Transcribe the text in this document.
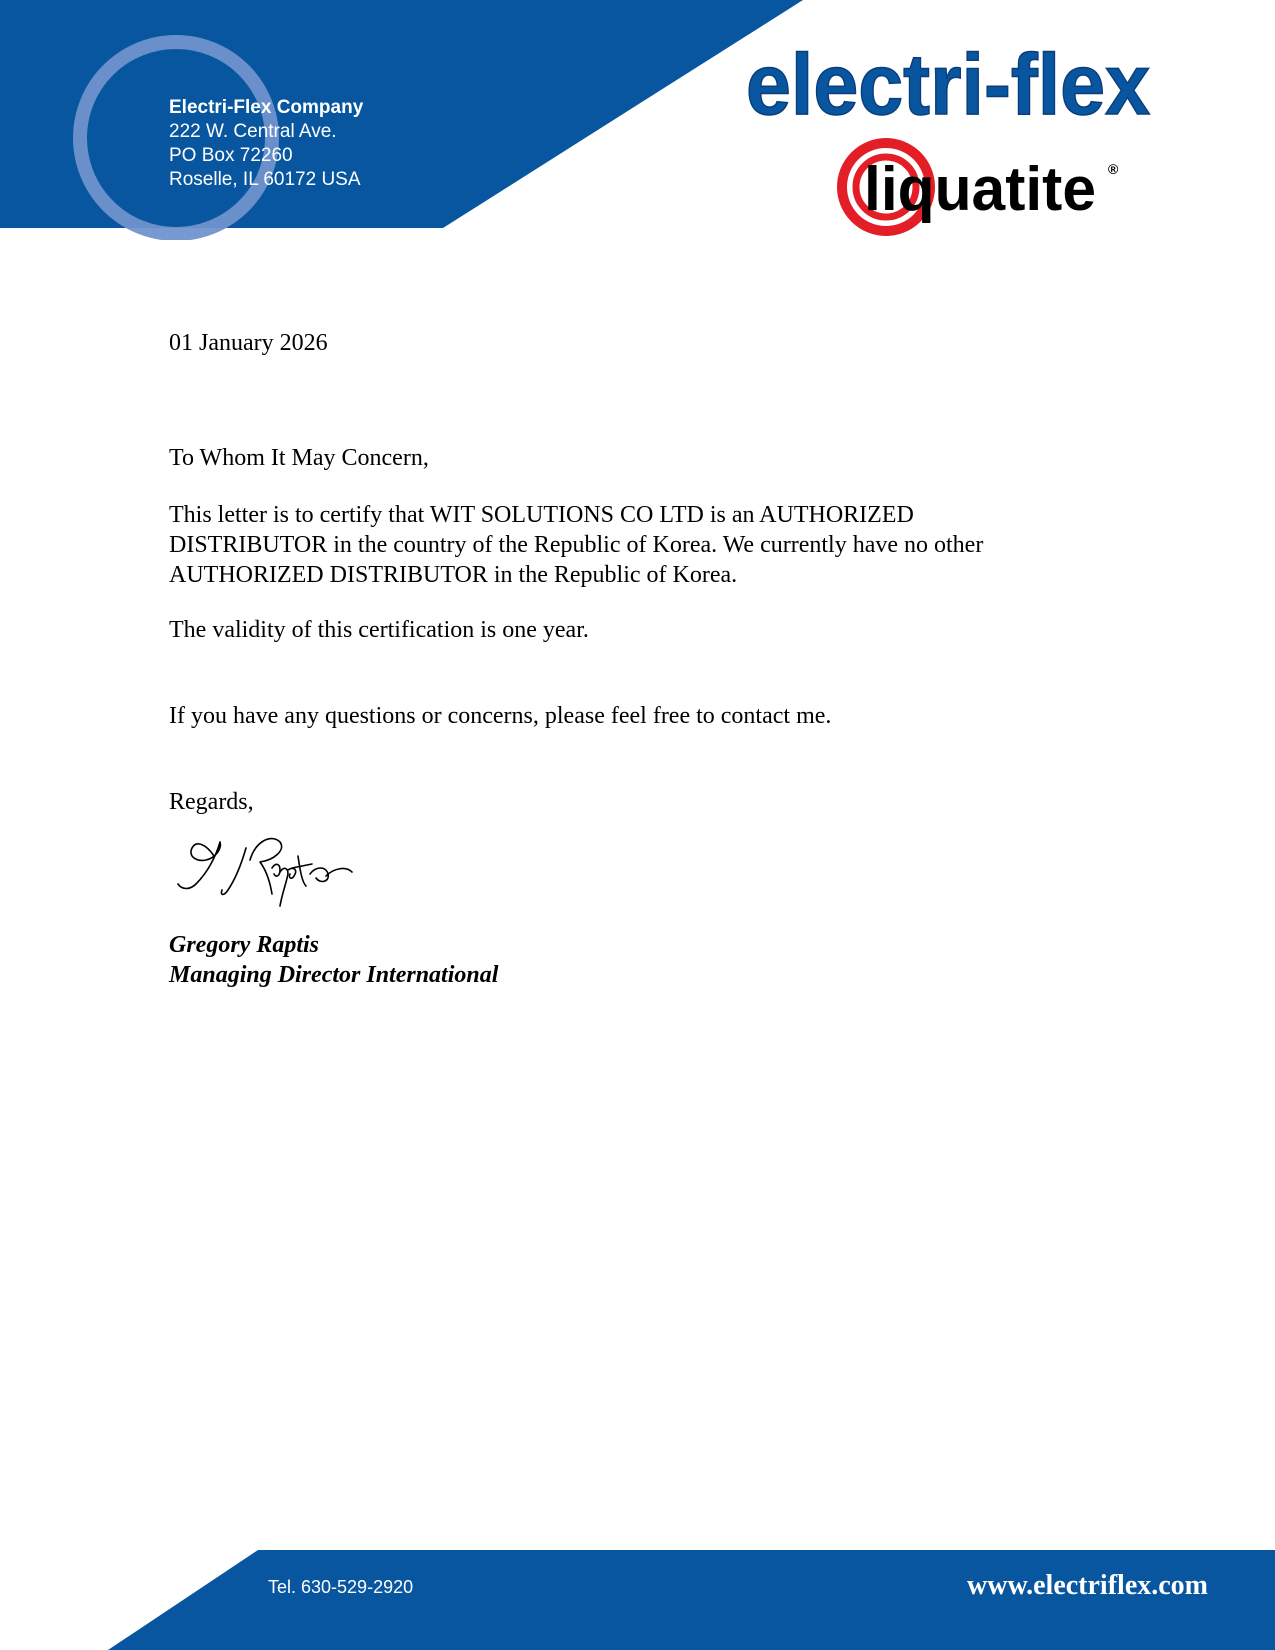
Electri-Flex Company
222 W. Central Ave.
PO Box 72260
Roselle, IL 60172 USA
electri-flex
liquatite ®
01 January 2026
To Whom It May Concern,
This letter is to certify that WIT SOLUTIONS CO LTD is an AUTHORIZED
DISTRIBUTOR in the country of the Republic of Korea. We currently have no other
AUTHORIZED DISTRIBUTOR in the Republic of Korea.
The validity of this certification is one year.
If you have any questions or concerns, please feel free to contact me.
Regards,
Gregory Raptis
Managing Director International
Tel. 630-529-2920	www.electriflex.com
